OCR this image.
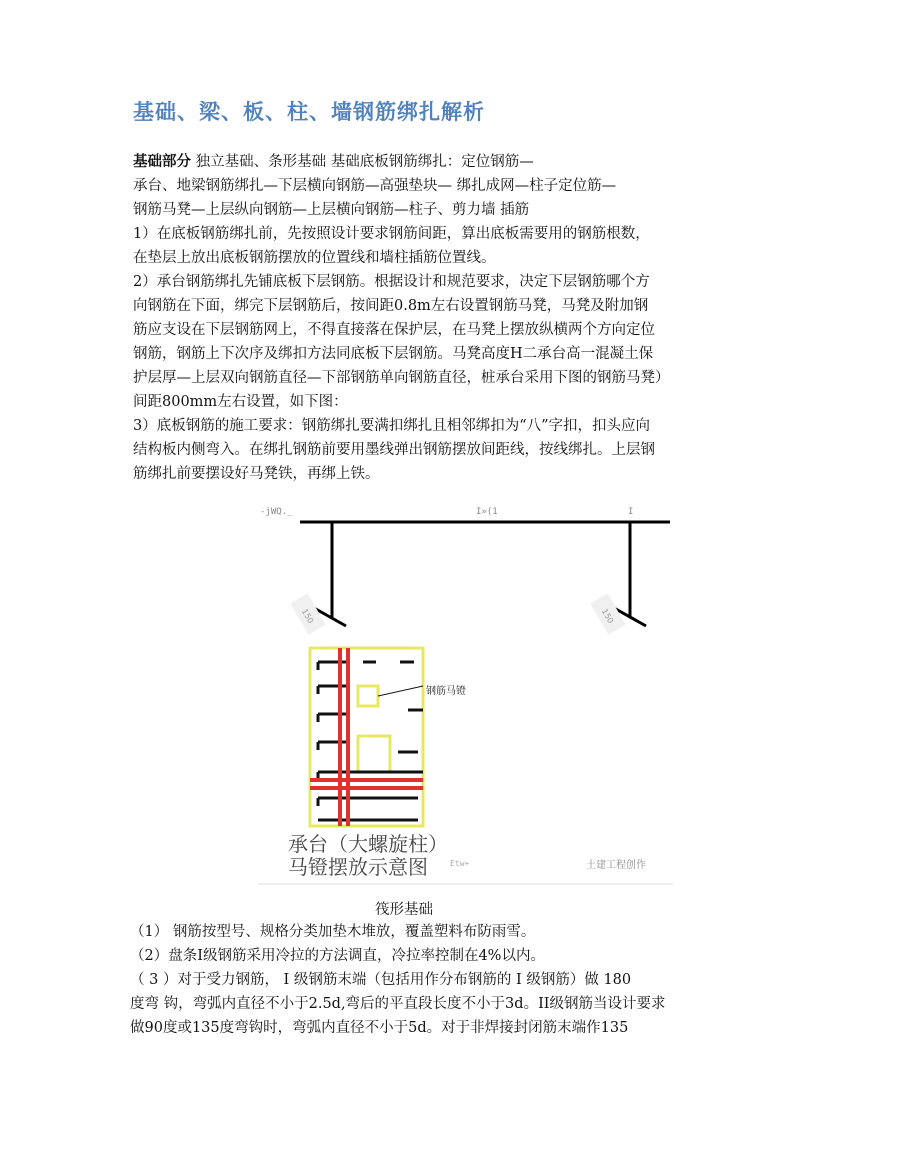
基础、梁、板、柱、墙钢筋绑扎解析
基础部分 独立基础、条形基础 基础底板钢筋绑扎：定位钢筋—
承台、地梁钢筋绑扎—下层横向钢筋—高强垫块— 绑扎成网—柱子定位筋—
钢筋马凳—上层纵向钢筋—上层横向钢筋—柱子、剪力墙 插筋
1）在底板钢筋绑扎前，先按照设计要求钢筋间距，算出底板需要用的钢筋根数，
在垫层上放出底板钢筋摆放的位置线和墙柱插筋位置线。
2）承台钢筋绑扎先铺底板下层钢筋。根据设计和规范要求，决定下层钢筋哪个方
向钢筋在下面，绑完下层钢筋后，按间距0.8m左右设置钢筋马凳，马凳及附加钢
筋应支设在下层钢筋网上，不得直接落在保护层，在马凳上摆放纵横两个方向定位
钢筋，钢筋上下次序及绑扣方法同底板下层钢筋。马凳高度H二承台高一混凝土保
护层厚—上层双向钢筋直径—下部钢筋单向钢筋直径，桩承台采用下图的钢筋马凳）
间距800mm左右设置，如下图：
3）底板钢筋的施工要求：钢筋绑扎要满扣绑扎且相邻绑扣为“八”字扣，扣头应向
结构板内侧弯入。在绑扎钢筋前要用墨线弹出钢筋摆放间距线，按线绑扎。上层钢
筋绑扎前要摆设好马凳铁，再绑上铁。
-jWQ._	I»(1	I
150	150
钢筋马镫
承台（大螺旋柱）
马镫摆放示意图	Etw+	土建工程创作
筏形基础
（1） 钢筋按型号、规格分类加垫木堆放，覆盖塑料布防雨雪。
（2）盘条I级钢筋采用冷拉的方法调直，冷拉率控制在4%以内。
（ 3 ）对于受力钢筋， I 级钢筋末端（包括用作分布钢筋的 I 级钢筋）做 180
度弯 钩，弯弧内直径不小于2.5d,弯后的平直段长度不小于3d。II级钢筋当设计要求
做90度或135度弯钩时，弯弧内直径不小于5d。对于非焊接封闭筋末端作135
